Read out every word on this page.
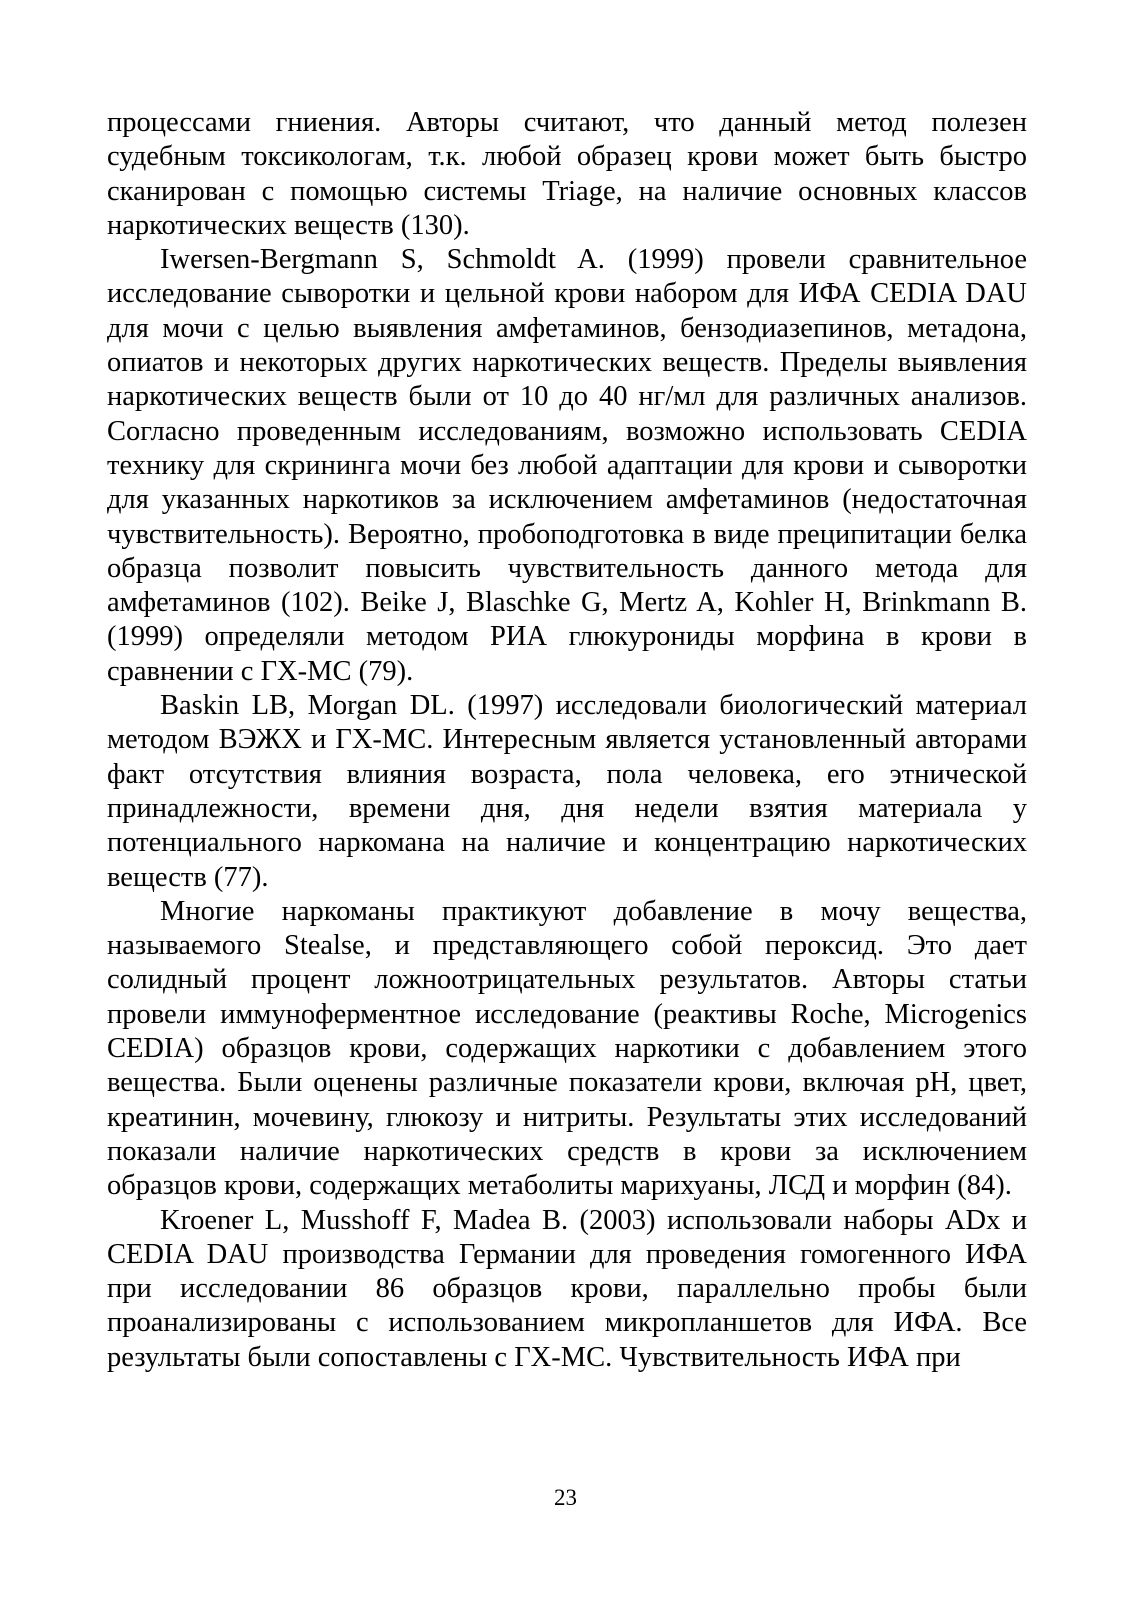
процессами гниения. Авторы считают, что данный метод полезен судебным токсикологам, т.к. любой образец крови может быть быстро сканирован с помощью системы Triage, на наличие основных классов наркотических веществ (130).

Iwersen-Bergmann S, Schmoldt A. (1999) провели сравнительное исследование сыворотки и цельной крови набором для ИФА CEDIA DAU для мочи с целью выявления амфетаминов, бензодиазепинов, метадона, опиатов и некоторых других наркотических веществ. Пределы выявления наркотических веществ были от 10 до 40 нг/мл для различных анализов. Согласно проведенным исследованиям, возможно использовать CEDIA технику для скрининга мочи без любой адаптации для крови и сыворотки для указанных наркотиков за исключением амфетаминов (недостаточная чувствительность). Вероятно, пробоподготовка в виде преципитации белка образца позволит повысить чувствительность данного метода для амфетаминов (102). Beike J, Blaschke G, Mertz A, Kohler H, Brinkmann B. (1999) определяли методом РИА глюкурониды морфина в крови в сравнении с ГХ-МС (79).

Baskin LB, Morgan DL. (1997) исследовали биологический материал методом ВЭЖХ и ГХ-МС. Интересным является установленный авторами факт отсутствия влияния возраста, пола человека, его этнической принадлежности, времени дня, дня недели взятия материала у потенциального наркомана на наличие и концентрацию наркотических веществ (77).

Многие наркоманы практикуют добавление в мочу вещества, называемого Stealse, и представляющего собой пероксид. Это дает солидный процент ложноотрицательных результатов. Авторы статьи провели иммуноферментное исследование (реактивы Roche, Microgenics CEDIA) образцов крови, содержащих наркотики с добавлением этого вещества. Были оценены различные показатели крови, включая pH, цвет, креатинин, мочевину, глюкозу и нитриты. Результаты этих исследований показали наличие наркотических средств в крови за исключением образцов крови, содержащих метаболиты марихуаны, ЛСД и морфин (84).

Kroener L, Musshoff F, Madea B. (2003) использовали наборы ADx и CEDIA DAU производства Германии для проведения гомогенного ИФА при исследовании 86 образцов крови, параллельно пробы были проанализированы с использованием микропланшетов для ИФА. Все результаты были сопоставлены с ГХ-МС. Чувствительность ИФА при

23
